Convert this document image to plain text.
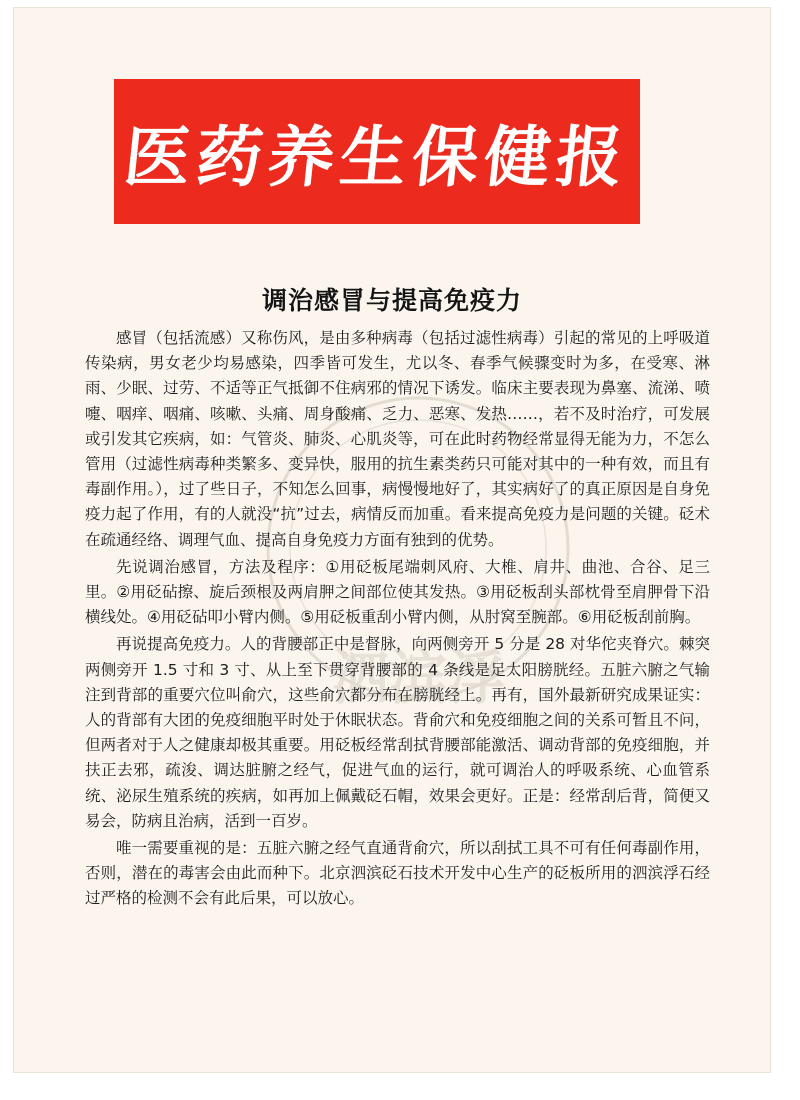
医药养生保健报
泗滨浮
调治感冒与提高免疫力

感冒（包括流感）又称伤风，是由多种病毒（包括过滤性病毒）引起的常见的上呼吸道传染病，男女老少均易感染，四季皆可发生，尤以冬、春季气候骤变时为多，在受寒、淋雨、少眠、过劳、不适等正气抵御不住病邪的情况下诱发。临床主要表现为鼻塞、流涕、喷嚏、咽痒、咽痛、咳嗽、头痛、周身酸痛、乏力、恶寒、发热……，若不及时治疗，可发展或引发其它疾病，如：气管炎、肺炎、心肌炎等，可在此时药物经常显得无能为力，不怎么管用（过滤性病毒种类繁多、变异快，服用的抗生素类药只可能对其中的一种有效，而且有毒副作用。），过了些日子，不知怎么回事，病慢慢地好了，其实病好了的真正原因是自身免疫力起了作用，有的人就没“抗”过去，病情反而加重。看来提高免疫力是问题的关键。砭术在疏通经络、调理气血、提高自身免疫力方面有独到的优势。

先说调治感冒，方法及程序：①用砭板尾端刺风府、大椎、肩井、曲池、合谷、足三里。②用砭砧擦、旋后颈根及两肩胛之间部位使其发热。③用砭板刮头部枕骨至肩胛骨下沿横线处。④用砭砧叩小臂内侧。⑤用砭板重刮小臂内侧，从肘窝至腕部。⑥用砭板刮前胸。

再说提高免疫力。人的背腰部正中是督脉，向两侧旁开 5 分是 28 对华佗夹脊穴。棘突两侧旁开 1.5 寸和 3 寸、从上至下贯穿背腰部的 4 条线是足太阳膀胱经。五脏六腑之气输注到背部的重要穴位叫俞穴，这些俞穴都分布在膀胱经上。再有，国外最新研究成果证实：人的背部有大团的免疫细胞平时处于休眠状态。背俞穴和免疫细胞之间的关系可暂且不问，但两者对于人之健康却极其重要。用砭板经常刮拭背腰部能激活、调动背部的免疫细胞，并扶正去邪，疏浚、调达脏腑之经气，促进气血的运行，就可调治人的呼吸系统、心血管系统、泌尿生殖系统的疾病，如再加上佩戴砭石帽，效果会更好。正是：经常刮后背，简便又易会，防病且治病，活到一百岁。

唯一需要重视的是：五脏六腑之经气直通背俞穴，所以刮拭工具不可有任何毒副作用，否则，潜在的毒害会由此而种下。北京泗滨砭石技术开发中心生产的砭板所用的泗滨浮石经过严格的检测不会有此后果，可以放心。
